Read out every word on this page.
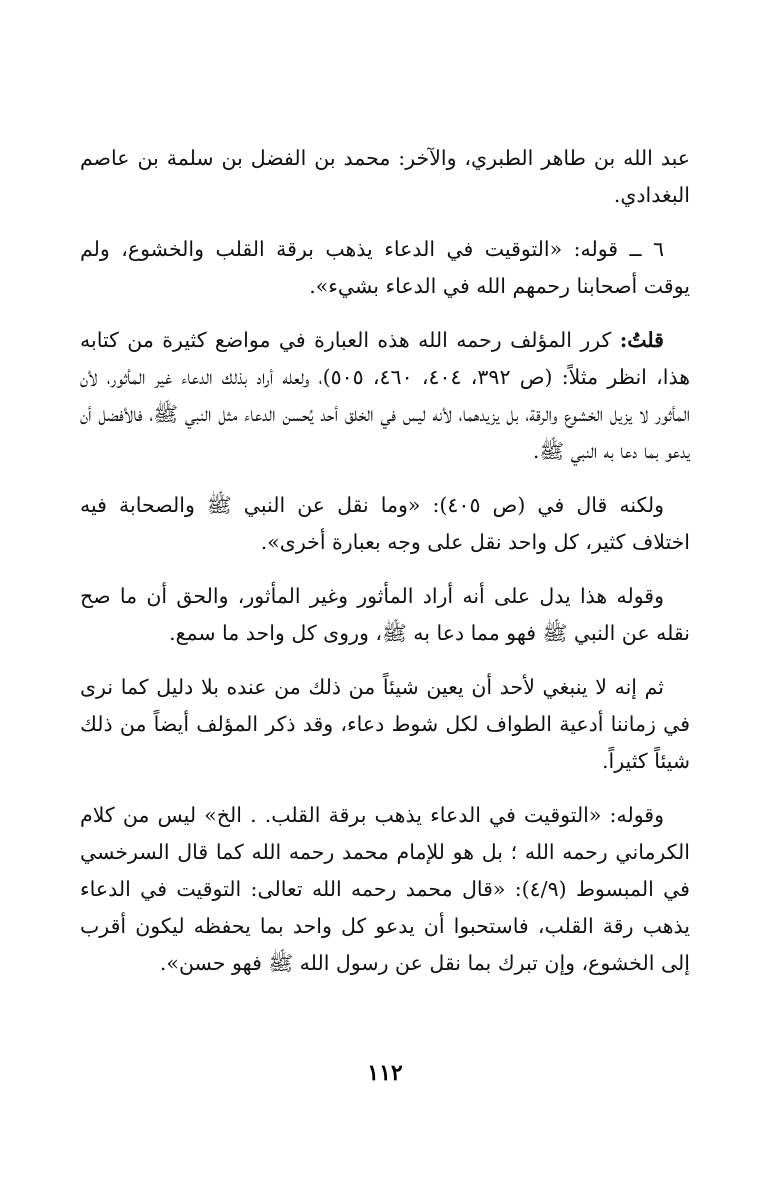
عبد الله بن طاهر الطبري، والآخر: محمد بن الفضل بن سلمة بن عاصم البغدادي.

٦ ــ قوله: «التوقيت في الدعاء يذهب برقة القلب والخشوع، ولم يوقت أصحابنا رحمهم الله في الدعاء بشيء».

قلتُ: كرر المؤلف رحمه الله هذه العبارة في مواضع كثيرة من كتابه هذا، انظر مثلاً: (ص ٣٩٢، ٤٠٤، ٤٦٠، ٥٠٥)، ولعله أراد بذلك الدعاء غير المأثور، لأن المأثور لا يزيل الخشوع والرقة، بل يزيدهما، لأنه ليس في الخلق أحد يُحسن الدعاء مثل النبي ﷺ، فالأفضل أن يدعو بما دعا به النبي ﷺ.

ولكنه قال في (ص ٤٠٥): «وما نقل عن النبي ﷺ والصحابة فيه اختلاف كثير، كل واحد نقل على وجه بعبارة أخرى».

وقوله هذا يدل على أنه أراد المأثور وغير المأثور، والحق أن ما صح نقله عن النبي ﷺ فهو مما دعا به ﷺ، وروى كل واحد ما سمع.

ثم إنه لا ينبغي لأحد أن يعين شيئاً من ذلك من عنده بلا دليل كما نرى في زماننا أدعية الطواف لكل شوط دعاء، وقد ذكر المؤلف أيضاً من ذلك شيئاً كثيراً.

وقوله: «التوقيت في الدعاء يذهب برقة القلب. . الخ» ليس من كلام الكرماني رحمه الله ؛ بل هو للإمام محمد رحمه الله كما قال السرخسي في المبسوط (٤/٩): «قال محمد رحمه الله تعالى: التوقيت في الدعاء يذهب رقة القلب، فاستحبوا أن يدعو كل واحد بما يحفظه ليكون أقرب إلى الخشوع، وإن تبرك بما نقل عن رسول الله ﷺ فهو حسن».

١١٢
